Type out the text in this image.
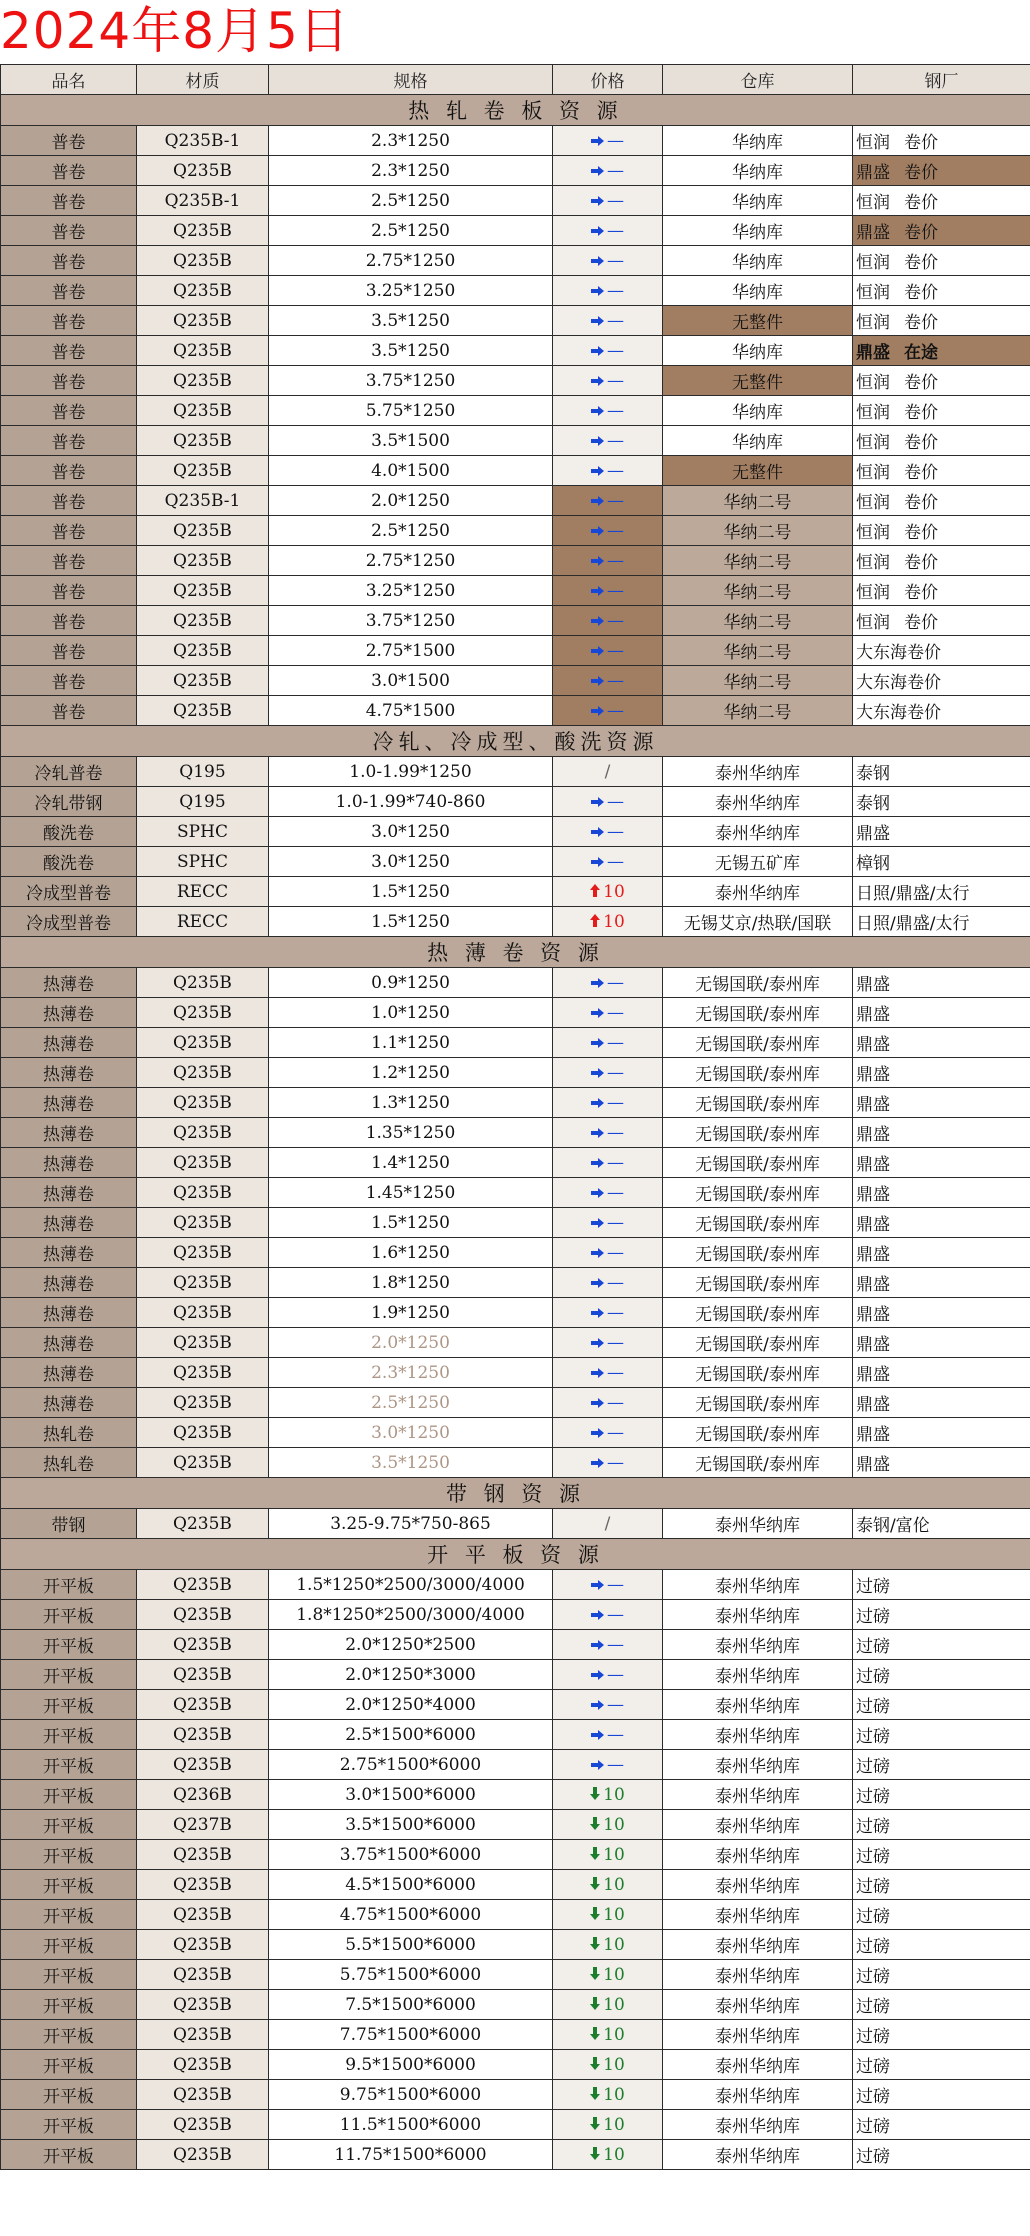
2024年8月5日
品名	材质	规格	价格	仓库	钢厂
热 轧 卷 板 资 源					
普卷	Q235B-1	2.3*1250	—	华纳库	恒润 卷价
普卷	Q235B	2.3*1250	—	华纳库	鼎盛 卷价
普卷	Q235B-1	2.5*1250	—	华纳库	恒润 卷价
普卷	Q235B	2.5*1250	—	华纳库	鼎盛 卷价
普卷	Q235B	2.75*1250	—	华纳库	恒润 卷价
普卷	Q235B	3.25*1250	—	华纳库	恒润 卷价
普卷	Q235B	3.5*1250	—	无整件	恒润 卷价
普卷	Q235B	3.5*1250	—	华纳库	鼎盛 在途
普卷	Q235B	3.75*1250	—	无整件	恒润 卷价
普卷	Q235B	5.75*1250	—	华纳库	恒润 卷价
普卷	Q235B	3.5*1500	—	华纳库	恒润 卷价
普卷	Q235B	4.0*1500	—	无整件	恒润 卷价
普卷	Q235B-1	2.0*1250	—	华纳二号	恒润 卷价
普卷	Q235B	2.5*1250	—	华纳二号	恒润 卷价
普卷	Q235B	2.75*1250	—	华纳二号	恒润 卷价
普卷	Q235B	3.25*1250	—	华纳二号	恒润 卷价
普卷	Q235B	3.75*1250	—	华纳二号	恒润 卷价
普卷	Q235B	2.75*1500	—	华纳二号	大东海卷价
普卷	Q235B	3.0*1500	—	华纳二号	大东海卷价
普卷	Q235B	4.75*1500	—	华纳二号	大东海卷价
冷轧、冷成型、酸洗资源					
冷轧普卷	Q195	1.0-1.99*1250	/	泰州华纳库	泰钢
冷轧带钢	Q195	1.0-1.99*740-860	—	泰州华纳库	泰钢
酸洗卷	SPHC	3.0*1250	—	泰州华纳库	鼎盛
酸洗卷	SPHC	3.0*1250	—	无锡五矿库	樟钢
冷成型普卷	RECC	1.5*1250	10	泰州华纳库	日照/鼎盛/太行
冷成型普卷	RECC	1.5*1250	10	无锡艾京/热联/国联	日照/鼎盛/太行
热 薄 卷 资 源					
热薄卷	Q235B	0.9*1250	—	无锡国联/泰州库	鼎盛
热薄卷	Q235B	1.0*1250	—	无锡国联/泰州库	鼎盛
热薄卷	Q235B	1.1*1250	—	无锡国联/泰州库	鼎盛
热薄卷	Q235B	1.2*1250	—	无锡国联/泰州库	鼎盛
热薄卷	Q235B	1.3*1250	—	无锡国联/泰州库	鼎盛
热薄卷	Q235B	1.35*1250	—	无锡国联/泰州库	鼎盛
热薄卷	Q235B	1.4*1250	—	无锡国联/泰州库	鼎盛
热薄卷	Q235B	1.45*1250	—	无锡国联/泰州库	鼎盛
热薄卷	Q235B	1.5*1250	—	无锡国联/泰州库	鼎盛
热薄卷	Q235B	1.6*1250	—	无锡国联/泰州库	鼎盛
热薄卷	Q235B	1.8*1250	—	无锡国联/泰州库	鼎盛
热薄卷	Q235B	1.9*1250	—	无锡国联/泰州库	鼎盛
热薄卷	Q235B	2.0*1250	—	无锡国联/泰州库	鼎盛
热薄卷	Q235B	2.3*1250	—	无锡国联/泰州库	鼎盛
热薄卷	Q235B	2.5*1250	—	无锡国联/泰州库	鼎盛
热轧卷	Q235B	3.0*1250	—	无锡国联/泰州库	鼎盛
热轧卷	Q235B	3.5*1250	—	无锡国联/泰州库	鼎盛
带 钢 资 源					
带钢	Q235B	3.25-9.75*750-865	/	泰州华纳库	泰钢/富伦
开 平 板 资 源					
开平板	Q235B	1.5*1250*2500/3000/4000	—	泰州华纳库	过磅
开平板	Q235B	1.8*1250*2500/3000/4000	—	泰州华纳库	过磅
开平板	Q235B	2.0*1250*2500	—	泰州华纳库	过磅
开平板	Q235B	2.0*1250*3000	—	泰州华纳库	过磅
开平板	Q235B	2.0*1250*4000	—	泰州华纳库	过磅
开平板	Q235B	2.5*1500*6000	—	泰州华纳库	过磅
开平板	Q235B	2.75*1500*6000	—	泰州华纳库	过磅
开平板	Q236B	3.0*1500*6000	10	泰州华纳库	过磅
开平板	Q237B	3.5*1500*6000	10	泰州华纳库	过磅
开平板	Q235B	3.75*1500*6000	10	泰州华纳库	过磅
开平板	Q235B	4.5*1500*6000	10	泰州华纳库	过磅
开平板	Q235B	4.75*1500*6000	10	泰州华纳库	过磅
开平板	Q235B	5.5*1500*6000	10	泰州华纳库	过磅
开平板	Q235B	5.75*1500*6000	10	泰州华纳库	过磅
开平板	Q235B	7.5*1500*6000	10	泰州华纳库	过磅
开平板	Q235B	7.75*1500*6000	10	泰州华纳库	过磅
开平板	Q235B	9.5*1500*6000	10	泰州华纳库	过磅
开平板	Q235B	9.75*1500*6000	10	泰州华纳库	过磅
开平板	Q235B	11.5*1500*6000	10	泰州华纳库	过磅
开平板	Q235B	11.75*1500*6000	10	泰州华纳库	过磅
